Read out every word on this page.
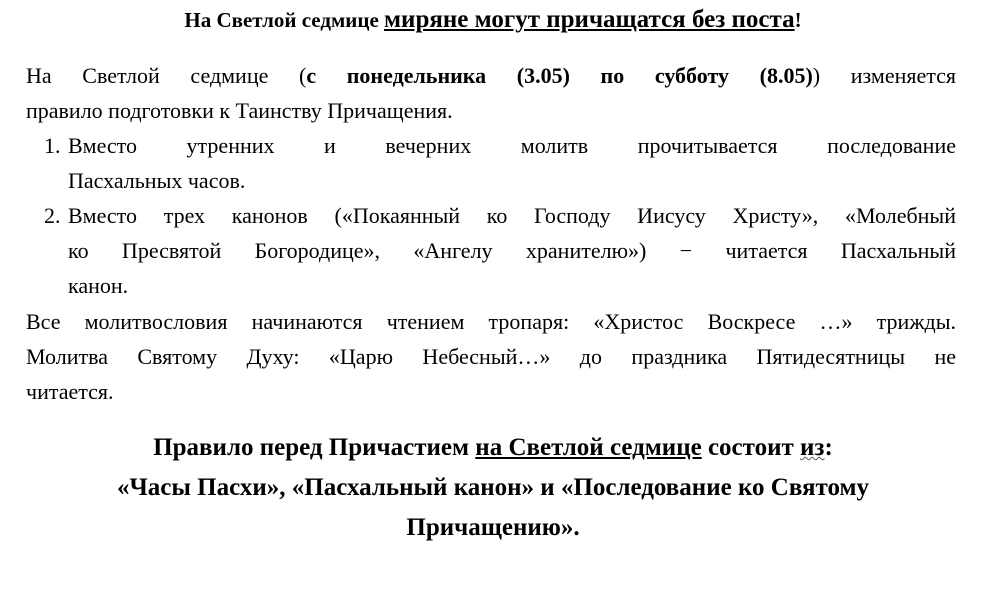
На Светлой седмице миряне могут причащатся без поста!
На Светлой седмице (с понедельника (3.05) по субботу (8.05)) изменяется
правило подготовки к Таинству Причащения.
1. Вместо утренних и вечерних молитв прочитывается последование
Пасхальных часов.
2. Вместо трех канонов («Покаянный ко Господу Иисусу Христу», «Молебный
ко Пресвятой Богородице», «Ангелу хранителю») − читается Пасхальный
канон.
Все молитвословия начинаются чтением тропаря: «Христос Воскресе …» трижды.
Молитва Святому Духу: «Царю Небесный…» до праздника Пятидесятницы не
читается.
Правило перед Причастием на Светлой седмице состоит из:
«Часы Пасхи», «Пасхальный канон» и «Последование ко Святому
Причащению».
